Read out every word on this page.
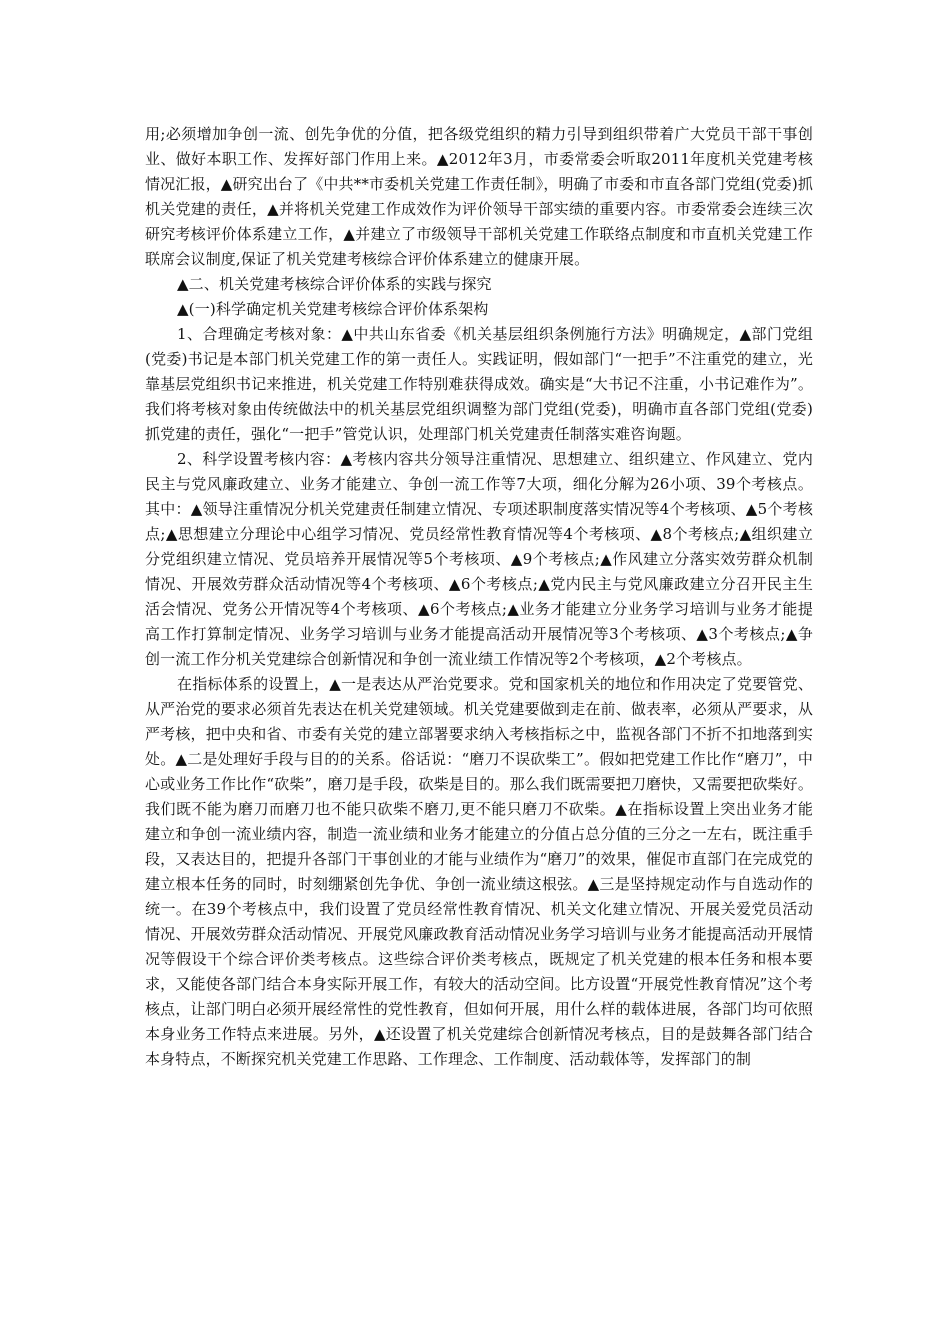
用;必须增加争创一流、创先争优的分值，把各级党组织的精力引导到组织带着广大党员干部干事创业、做好本职工作、发挥好部门作用上来。▲2012年3月，市委常委会听取2011年度机关党建考核情况汇报，▲研究出台了《中共**市委机关党建工作责任制》，明确了市委和市直各部门党组(党委)抓机关党建的责任，▲并将机关党建工作成效作为评价领导干部实绩的重要内容。市委常委会连续三次研究考核评价体系建立工作，▲并建立了市级领导干部机关党建工作联络点制度和市直机关党建工作联席会议制度,保证了机关党建考核综合评价体系建立的健康开展。

▲二、机关党建考核综合评价体系的实践与探究

▲(一)科学确定机关党建考核综合评价体系架构

1、合理确定考核对象：▲中共山东省委《机关基层组织条例施行方法》明确规定，▲部门党组(党委)书记是本部门机关党建工作的第一责任人。实践证明，假如部门“一把手”不注重党的建立，光靠基层党组织书记来推进，机关党建工作特别难获得成效。确实是“大书记不注重，小书记难作为”。我们将考核对象由传统做法中的机关基层党组织调整为部门党组(党委)，明确市直各部门党组(党委)抓党建的责任，强化“一把手”管党认识，处理部门机关党建责任制落实难咨询题。

2、科学设置考核内容：▲考核内容共分领导注重情况、思想建立、组织建立、作风建立、党内民主与党风廉政建立、业务才能建立、争创一流工作等7大项，细化分解为26小项、39个考核点。其中：▲领导注重情况分机关党建责任制建立情况、专项述职制度落实情况等4个考核项、▲5个考核点;▲思想建立分理论中心组学习情况、党员经常性教育情况等4个考核项、▲8个考核点;▲组织建立分党组织建立情况、党员培养开展情况等5个考核项、▲9个考核点;▲作风建立分落实效劳群众机制情况、开展效劳群众活动情况等4个考核项、▲6个考核点;▲党内民主与党风廉政建立分召开民主生活会情况、党务公开情况等4个考核项、▲6个考核点;▲业务才能建立分业务学习培训与业务才能提高工作打算制定情况、业务学习培训与业务才能提高活动开展情况等3个考核项、▲3个考核点;▲争创一流工作分机关党建综合创新情况和争创一流业绩工作情况等2个考核项，▲2个考核点。

在指标体系的设置上，▲一是表达从严治党要求。党和国家机关的地位和作用决定了党要管党、从严治党的要求必须首先表达在机关党建领域。机关党建要做到走在前、做表率，必须从严要求，从严考核，把中央和省、市委有关党的建立部署要求纳入考核指标之中，监视各部门不折不扣地落到实处。▲二是处理好手段与目的的关系。俗话说：“磨刀不误砍柴工”。假如把党建工作比作“磨刀”，中心或业务工作比作“砍柴”，磨刀是手段，砍柴是目的。那么我们既需要把刀磨快，又需要把砍柴好。我们既不能为磨刀而磨刀也不能只砍柴不磨刀,更不能只磨刀不砍柴。▲在指标设置上突出业务才能建立和争创一流业绩内容，制造一流业绩和业务才能建立的分值占总分值的三分之一左右，既注重手段，又表达目的，把提升各部门干事创业的才能与业绩作为“磨刀”的效果，催促市直部门在完成党的建立根本任务的同时，时刻绷紧创先争优、争创一流业绩这根弦。▲三是坚持规定动作与自选动作的统一。在39个考核点中，我们设置了党员经常性教育情况、机关文化建立情况、开展关爱党员活动情况、开展效劳群众活动情况、开展党风廉政教育活动情况业务学习培训与业务才能提高活动开展情况等假设干个综合评价类考核点。这些综合评价类考核点，既规定了机关党建的根本任务和根本要求，又能使各部门结合本身实际开展工作，有较大的活动空间。比方设置“开展党性教育情况”这个考核点，让部门明白必须开展经常性的党性教育，但如何开展，用什么样的载体进展，各部门均可依照本身业务工作特点来进展。另外，▲还设置了机关党建综合创新情况考核点，目的是鼓舞各部门结合本身特点，不断探究机关党建工作思路、工作理念、工作制度、活动载体等，发挥部门的制
